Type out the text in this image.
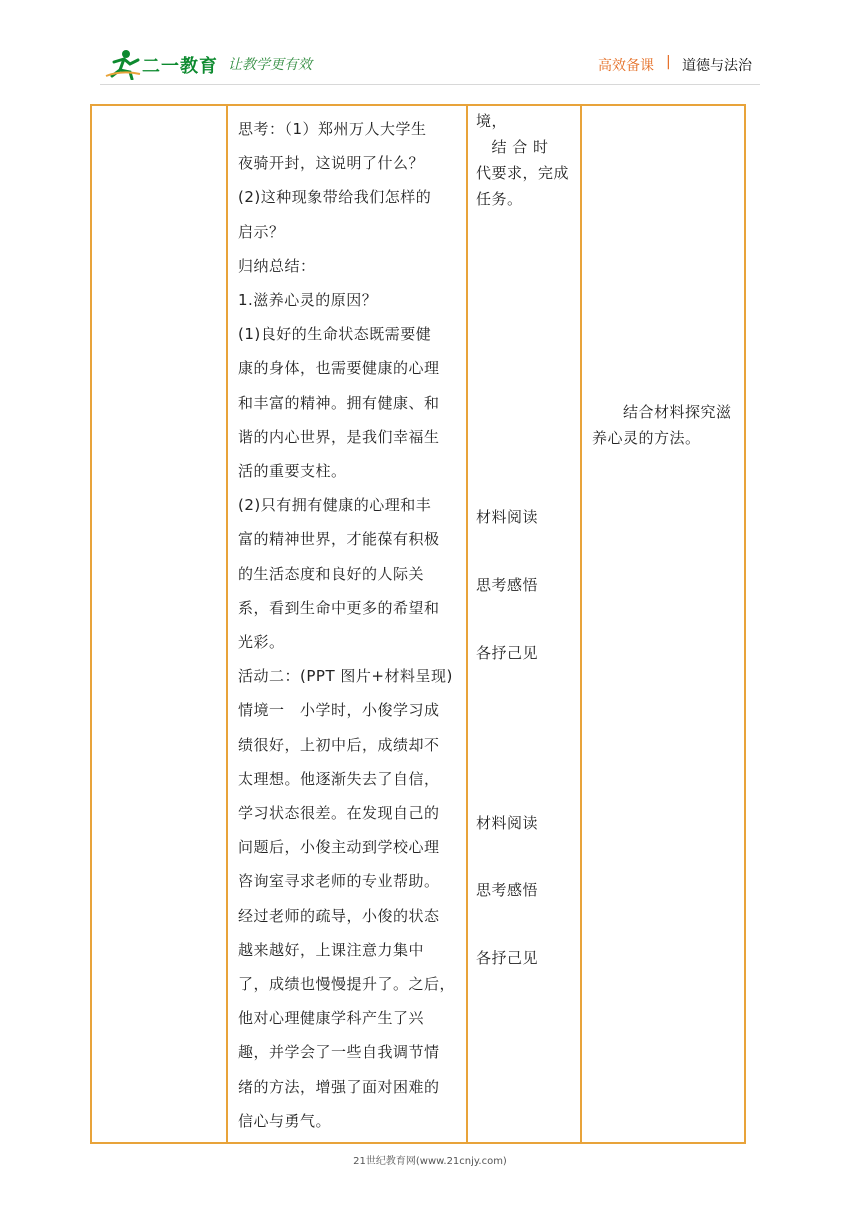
二一教育 让教学更有效	高效备课 | 道德与法治
思考：（1）郑州万人大学生
夜骑开封，这说明了什么？
(2)这种现象带给我们怎样的
启示？
归纳总结：
1.滋养心灵的原因？
(1)良好的生命状态既需要健
康的身体，也需要健康的心理
和丰富的精神。拥有健康、和
谐的内心世界，是我们幸福生
活的重要支柱。
(2)只有拥有健康的心理和丰
富的精神世界，才能葆有积极
的生活态度和良好的人际关
系，看到生命中更多的希望和
光彩。
活动二：(PPT 图片+材料呈现)
情境一　小学时，小俊学习成
绩很好，上初中后，成绩却不
太理想。他逐渐失去了自信，
学习状态很差。在发现自己的
问题后，小俊主动到学校心理
咨询室寻求老师的专业帮助。
经过老师的疏导，小俊的状态
越来越好，上课注意力集中
了，成绩也慢慢提升了。之后，
他对心理健康学科产生了兴
趣，并学会了一些自我调节情
绪的方法，增强了面对困难的
信心与勇气。
境，
　结 合 时
代要求，完成
任务。
材料阅读
思考感悟
各抒己见
材料阅读
思考感悟
各抒己见
　　结合材料探究滋养心灵的方法。
21世纪教育网(www.21cnjy.com)
